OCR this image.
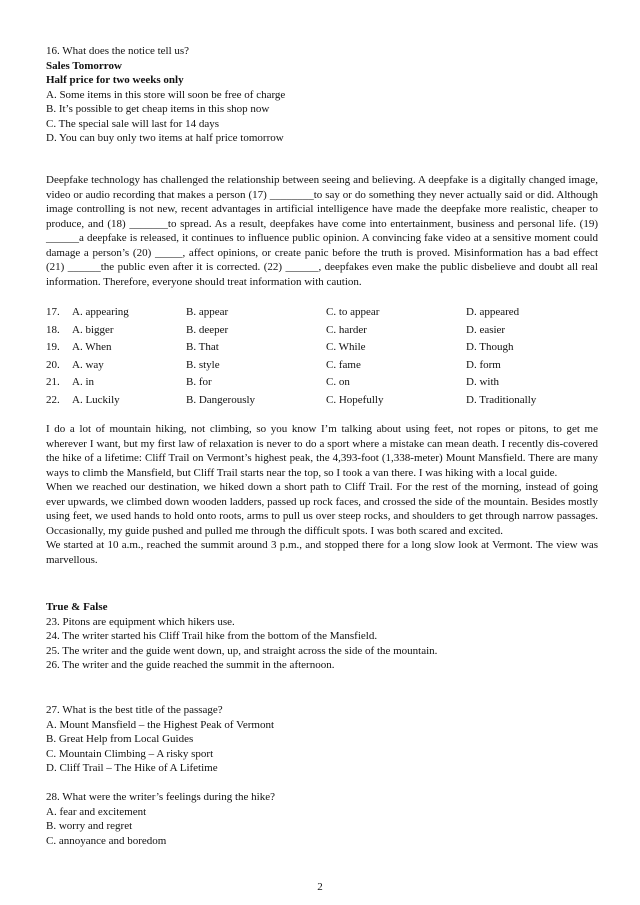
16. What does the notice tell us?
Sales Tomorrow
Half price for two weeks only
A. Some items in this store will soon be free of charge
B. It’s possible to get cheap items in this shop now
C. The special sale will last for 14 days
D. You can buy only two items at half price tomorrow
Deepfake technology has challenged the relationship between seeing and believing. A deepfake is a digitally changed image, video or audio recording that makes a person (17) ________to say or do something they never actually said or did. Although image controlling is not new, recent advantages in artificial intelligence have made the deepfake more realistic, cheaper to produce, and (18) _______to spread. As a result, deepfakes have come into entertainment, business and personal life. (19) ______a deepfake is released, it continues to influence public opinion. A convincing fake video at a sensitive moment could damage a person’s (20) _____, affect opinions, or create panic before the truth is proved. Misinformation has a bad effect (21) ______the public even after it is corrected. (22) ______, deepfakes even make the public disbelieve and doubt all real information. Therefore, everyone should treat information with caution.
17. A. appearing	B. appear	C. to appear	D. appeared
18. A. bigger	B. deeper	C. harder	D. easier
19. A. When	B. That	C. While	D. Though
20. A. way	B. style	C. fame	D. form
21. A. in	B. for	C. on	D. with
22. A. Luckily	B. Dangerously	C. Hopefully	D. Traditionally
I do a lot of mountain hiking, not climbing, so you know I’m talking about using feet, not ropes or pitons, to get me wherever I want, but my first law of relaxation is never to do a sport where a mistake can mean death. I recently dis-covered the hike of a lifetime: Cliff Trail on Vermont’s highest peak, the 4,393-foot (1,338-meter) Mount Mansfield. There are many ways to climb the Mansfield, but Cliff Trail starts near the top, so I took a van there. I was hiking with a local guide.
When we reached our destination, we hiked down a short path to Cliff Trail. For the rest of the morning, instead of going ever upwards, we climbed down wooden ladders, passed up rock faces, and crossed the side of the mountain. Besides mostly using feet, we used hands to hold onto roots, arms to pull us over steep rocks, and shoulders to get through narrow passages. Occasionally, my guide pushed and pulled me through the difficult spots. I was both scared and excited.
We started at 10 a.m., reached the summit around 3 p.m., and stopped there for a long slow look at Vermont. The view was marvellous.
True & False
23. Pitons are equipment which hikers use.
24. The writer started his Cliff Trail hike from the bottom of the Mansfield.
25. The writer and the guide went down, up, and straight across the side of the mountain.
26. The writer and the guide reached the summit in the afternoon.
27. What is the best title of the passage?
A. Mount Mansfield – the Highest Peak of Vermont
B. Great Help from Local Guides
C. Mountain Climbing – A risky sport
D. Cliff Trail – The Hike of A Lifetime
28. What were the writer’s feelings during the hike?
A. fear and excitement
B. worry and regret
C. annoyance and boredom
2
